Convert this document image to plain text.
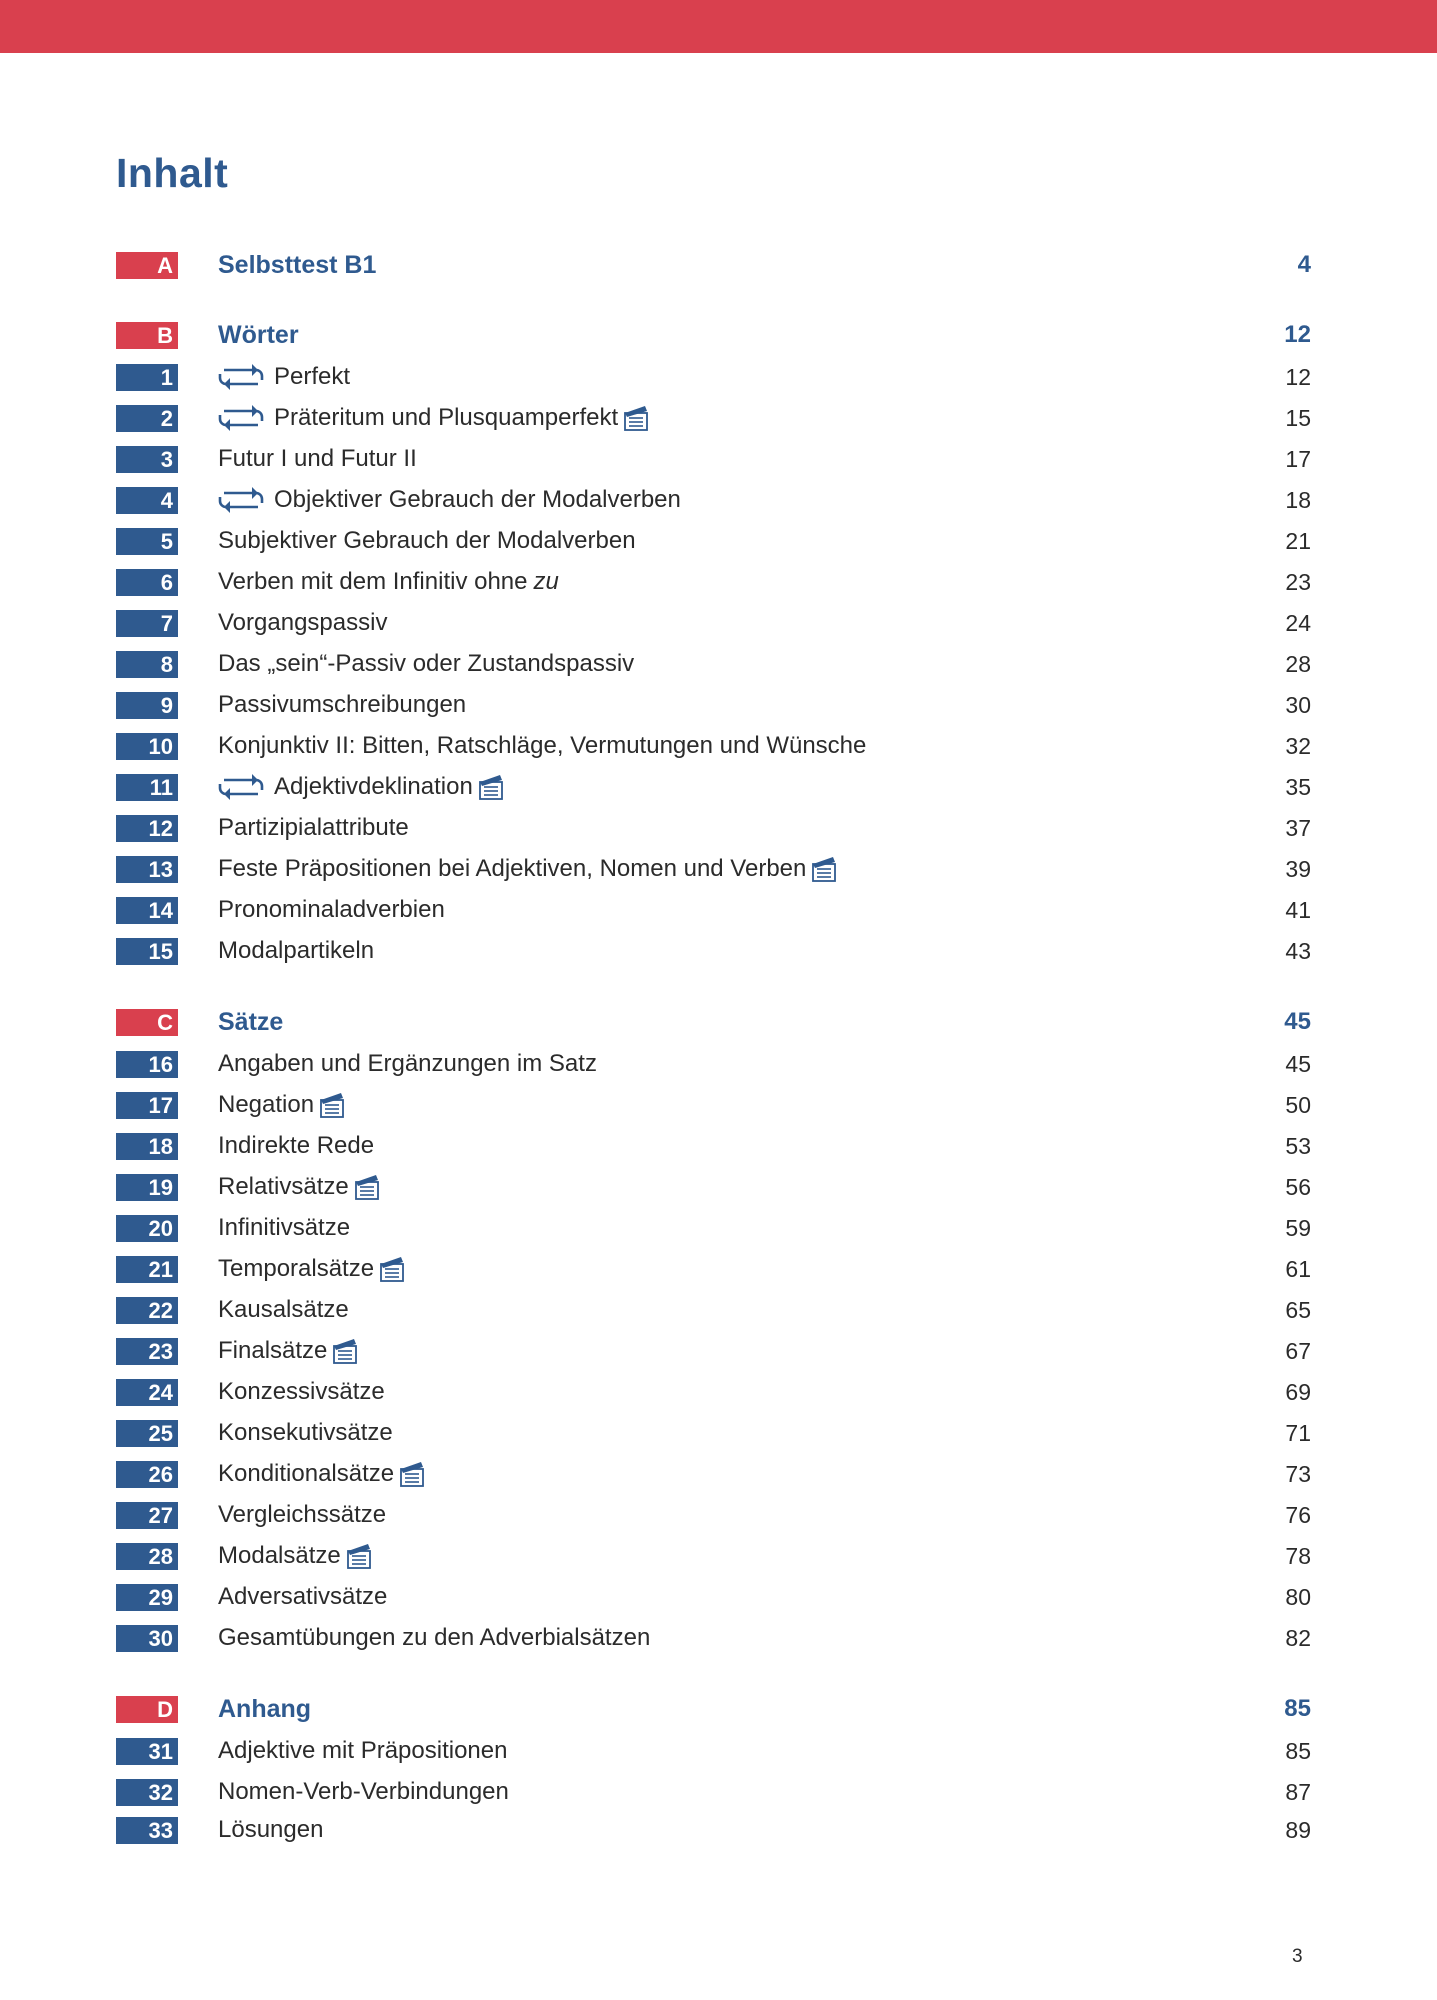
Inhalt
A Selbsttest B1	4
B Wörter	12
1	Perfekt	12
2	Präteritum und Plusquamperfekt	15
3 Futur I und Futur II	17
4	Objektiver Gebrauch der Modalverben	18
5 Subjektiver Gebrauch der Modalverben	21
6 Verben mit dem Infinitiv ohne zu	23
7 Vorgangspassiv	24
8 Das „sein“-Passiv oder Zustandspassiv	28
9 Passivumschreibungen	30
10 Konjunktiv II: Bitten, Ratschläge, Vermutungen und Wünsche	32
11	Adjektivdeklination	35
12 Partizipialattribute	37
13 Feste Präpositionen bei Adjektiven, Nomen und Verben	39
14 Pronominaladverbien	41
15 Modalpartikeln	43
C Sätze	45
16 Angaben und Ergänzungen im Satz	45
17 Negation	50
18 Indirekte Rede	53
19 Relativsätze	56
20 Infinitivsätze	59
21 Temporalsätze	61
22 Kausalsätze	65
23 Finalsätze	67
24 Konzessivsätze	69
25 Konsekutivsätze	71
26 Konditionalsätze	73
27 Vergleichssätze	76
28 Modalsätze	78
29 Adversativsätze	80
30 Gesamtübungen zu den Adverbialsätzen	82
D Anhang	85
31 Adjektive mit Präpositionen	85
32 Nomen-Verb-Verbindungen	87
33 Lösungen	89
3
